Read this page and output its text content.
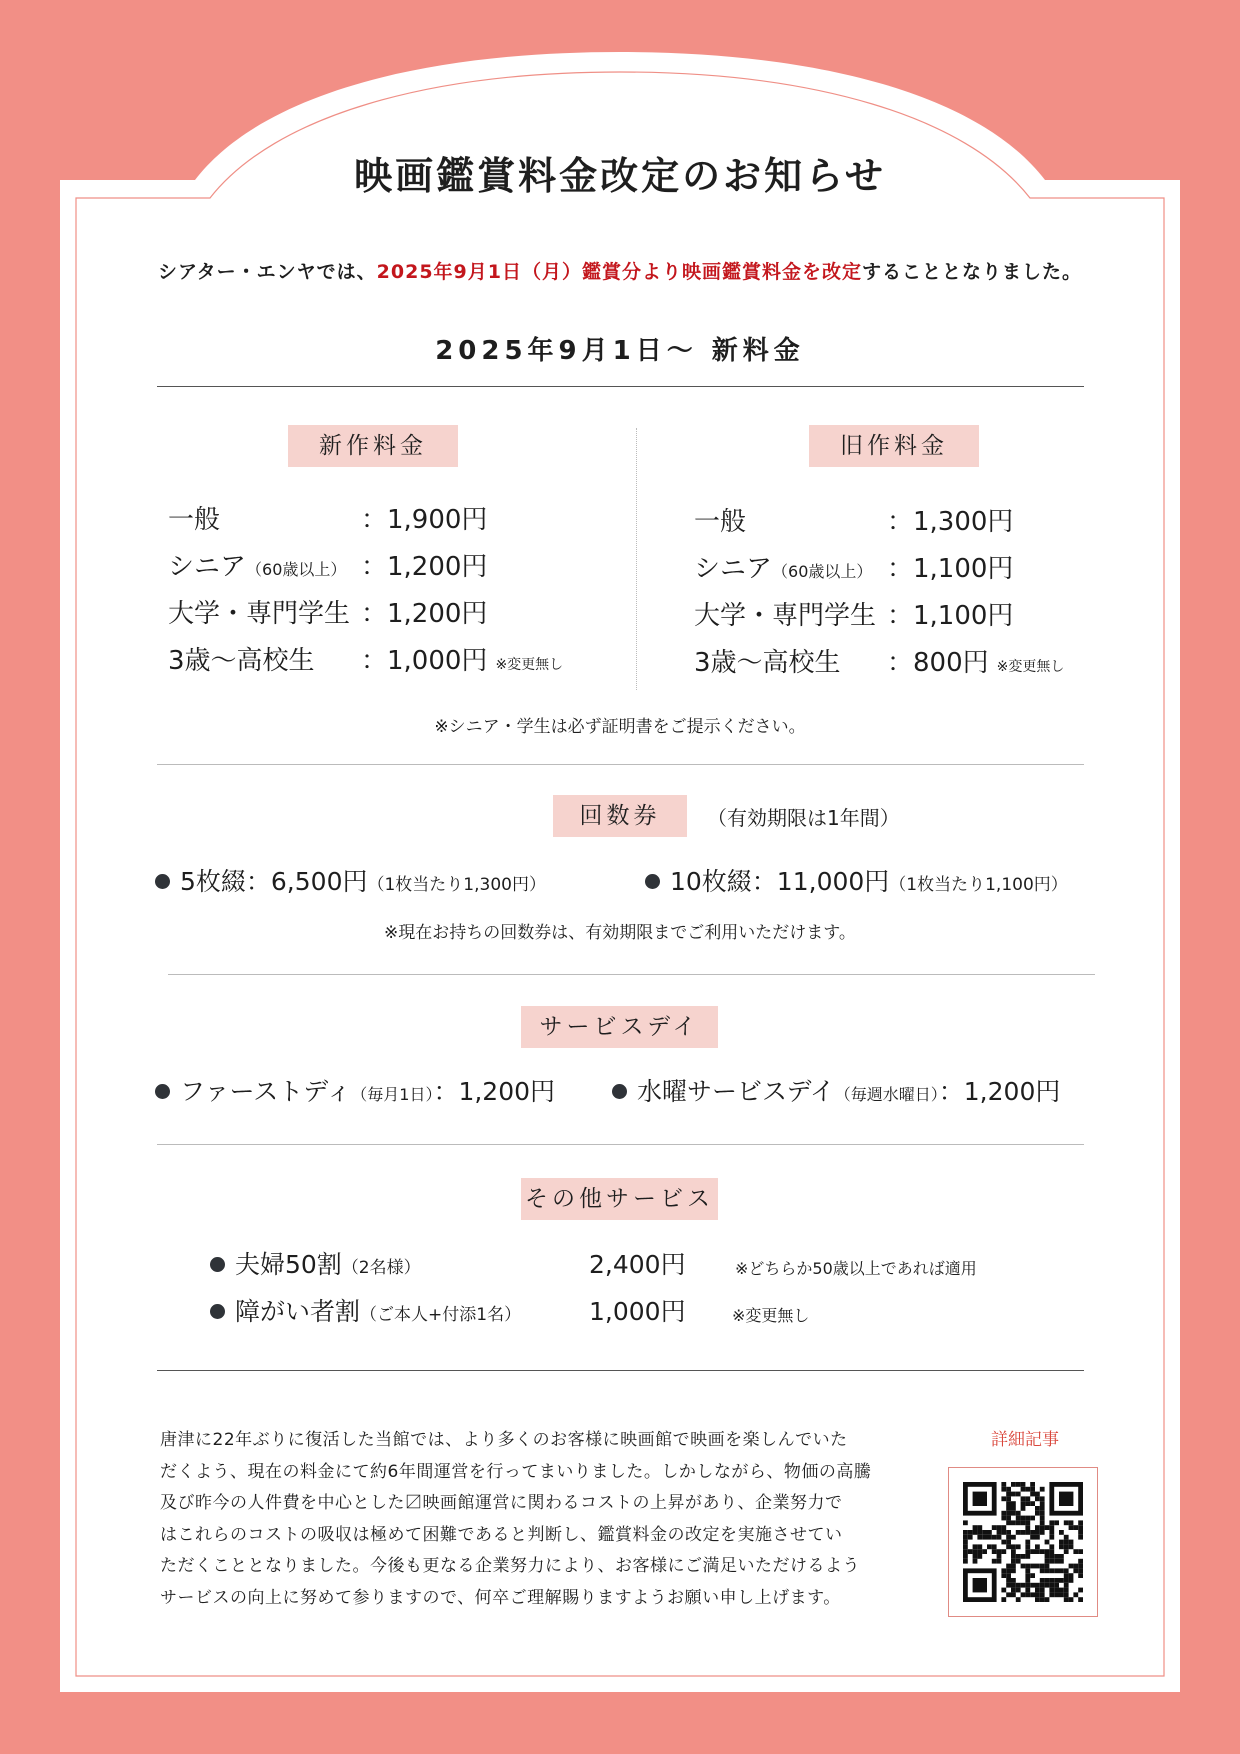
映画鑑賞料金改定のお知らせ
シアター・エンヤでは、2025年9月1日（月）鑑賞分より映画鑑賞料金を改定することとなりました。
2025年9月1日～ 新料金
新作料金
一般	：1,900円
シニア（60歳以上） ：1,200円
大学・専門学生 ：1,200円
3歳～高校生 ：1,000円 ※変更無し
旧作料金
一般	：1,300円
シニア（60歳以上） ：1,100円
大学・専門学生 ：1,100円
3歳～高校生 ：800円 ※変更無し
※シニア・学生は必ず証明書をご提示ください。
回数券	（有効期限は1年間）
5枚綴：6,500円（1枚当たり1,300円）	10枚綴：11,000円（1枚当たり1,100円）
※現在お持ちの回数券は、有効期限までご利用いただけます。
サービスデイ
ファーストディ（毎月1日）：1,200円	水曜サービスデイ（毎週水曜日）：1,200円
その他サービス
夫婦50割（2名様）	2,400円	※どちらか50歳以上であれば適用
障がい者割（ご本人+付添1名）	1,000円	※変更無し
唐津に22年ぶりに復活した当館では、より多くのお客様に映画館で映画を楽しんでいた
だくよう、現在の料金にて約6年間運営を行ってまいりました。しかしながら、物価の高騰
及び昨今の人件費を中心とした〼映画館運営に関わるコストの上昇があり、企業努力で
はこれらのコストの吸収は極めて困難であると判断し、鑑賞料金の改定を実施させてい
ただくこととなりました。今後も更なる企業努力により、お客様にご満足いただけるよう
サービスの向上に努めて参りますので、何卒ご理解賜りますようお願い申し上げます。
詳細記事
